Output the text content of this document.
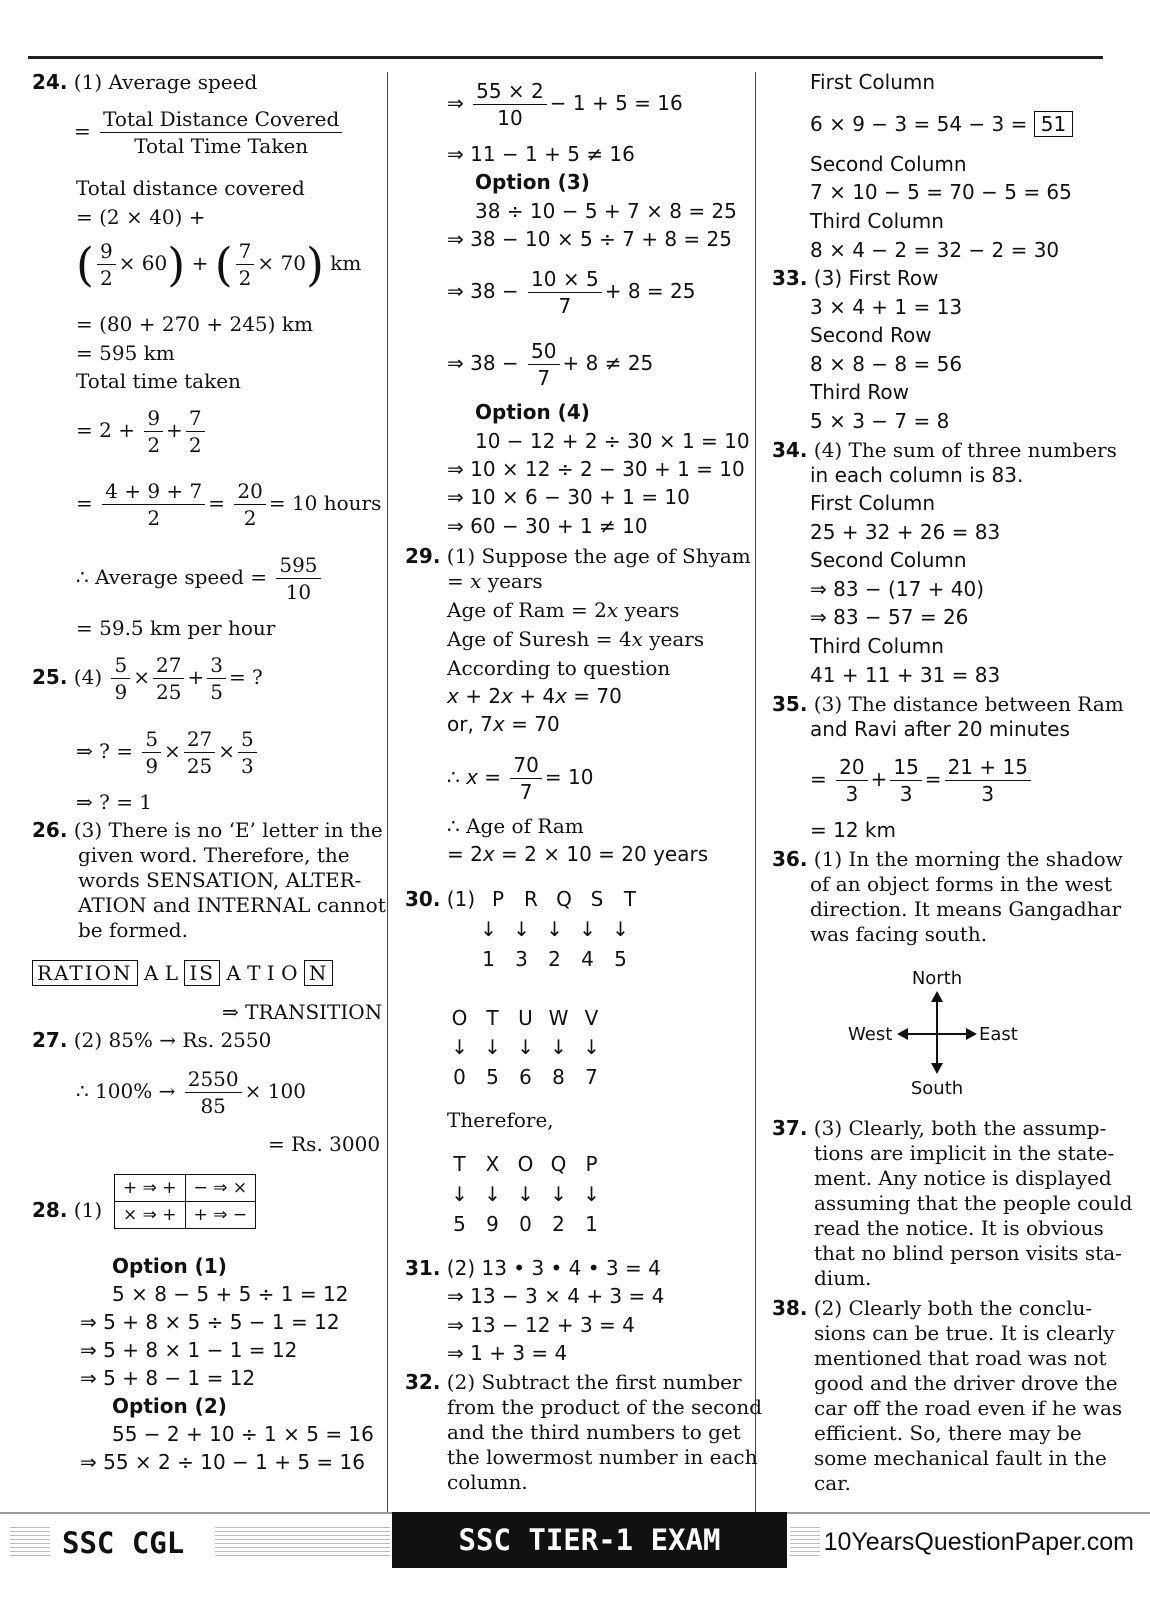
24. (1) Average speed
= $\frac{\text{Total Distance Covered}}{\text{Total Time Taken}}$
Total distance covered
= (2 × 40) +
( $\frac{9}{2} \times 60$) + ( $\frac{7}{2} \times 70$) km
= (80 + 270 + 245) km
= 595 km
Total time taken
= $2 + \frac{9}{2} + \frac{7}{2}$
= $\frac{4 + 9 + 7}{2} = \frac{20}{2} = 10$ hours
∴ Average speed = $\frac{595}{10}$
= 59.5 km per hour
25. $(4) \frac{5}{9} \times \frac{27}{25} + \frac{3}{5}$ = ?
⇒ ? = $\frac{5}{9} \times \frac{27}{25} \times \frac{5}{3}$
⇒ ? = 1
26. (3) There is no ‘E’ letter in the
given word. Therefore, the
words SENSATION, ALTER-
ATION and INTERNAL cannot
be formed.
RATION A L IS A T I O N
⇒ TRANSITION
27. (2) 85% → Rs. 2550
∴ $100\% \to \frac{2550}{85} \times 100$
= Rs. 3000
28. (1)
+ ⇒ +	− ⇒ ×
× ⇒ +	+ ⇒ −
Option (1)
5 × 8 − 5 + 5 ÷ 1 = 12
⇒ 5 + 8 × 5 ÷ 5 − 1 = 12
⇒ 5 + 8 × 1 − 1 = 12
⇒ 5 + 8 − 1 = 12
Option (2)
55 − 2 + 10 ÷ 1 × 5 = 16
⇒ 55 × 2 ÷ 10 − 1 + 5 = 16
⇒ $\frac{55 \times 2}{10} - 1 + 5 = 16$
⇒ 11 − 1 + 5 ≠ 16
Option (3)
38 ÷ 10 − 5 + 7 × 8 = 25
⇒ 38 − 10 × 5 ÷ 7 + 8 = 25
⇒ $38 - \frac{10 \times 5}{7} + 8 = 25$
⇒ $38 - \frac{50}{7} + 8 \ne 25$
Option (4)
10 − 12 + 2 ÷ 30 × 1 = 10
⇒ 10 × 12 ÷ 2 − 30 + 1 = 10
⇒ 10 × 6 − 30 + 1 = 10
⇒ 60 − 30 + 1 ≠ 10
29. (1) Suppose the age of Shyam
= x years
Age of Ram = 2x years
Age of Suresh = 4x years
According to question
x + 2x + 4x = 70
or, 7x = 70
∴ $x = \frac{70}{7} = 10$
∴ Age of Ram
= 2x = 2 × 10 = 20 years
30. (1) P R Q S T
↓ ↓ ↓ ↓ ↓
1 3 2 4 5
O T U W V
↓ ↓ ↓ ↓ ↓
0 5 6 8 7
Therefore,
T X O Q P
↓ ↓ ↓ ↓ ↓
5 9 0 2 1
31. (2) 13 • 3 • 4 • 3 = 4
⇒ 13 − 3 × 4 + 3 = 4
⇒ 13 − 12 + 3 = 4
⇒ 1 + 3 = 4
32. (2) Subtract the first number
from the product of the second
and the third numbers to get
the lowermost number in each
column.
First Column
6 × 9 − 3 = 54 − 3 = 51
Second Column
7 × 10 − 5 = 70 − 5 = 65
Third Column
8 × 4 − 2 = 32 − 2 = 30
33. (3) First Row
3 × 4 + 1 = 13
Second Row
8 × 8 − 8 = 56
Third Row
5 × 3 − 7 = 8
34. (4) The sum of three numbers
in each column is 83.
First Column
25 + 32 + 26 = 83
Second Column
⇒ 83 − (17 + 40)
⇒ 83 − 57 = 26
Third Column
41 + 11 + 31 = 83
35. (3) The distance between Ram
and Ravi after 20 minutes
= $\frac{20}{3} + \frac{15}{3} = \frac{21 + 15}{3}$
= 12 km
36. (1) In the morning the shadow
of an object forms in the west
direction. It means Gangadhar
was facing south.
North
West	East
South
37. (3) Clearly, both the assump-
tions are implicit in the state-
ment. Any notice is displayed
assuming that the people could
read the notice. It is obvious
that no blind person visits sta-
dium.
38. (2) Clearly both the conclu-
sions can be true. It is clearly
mentioned that road was not
good and the driver drove the
car off the road even if he was
efficient. So, there may be
some mechanical fault in the
car.
SSC CGL	SSC TIER-1 EXAM	10YearsQuestionPaper.com
